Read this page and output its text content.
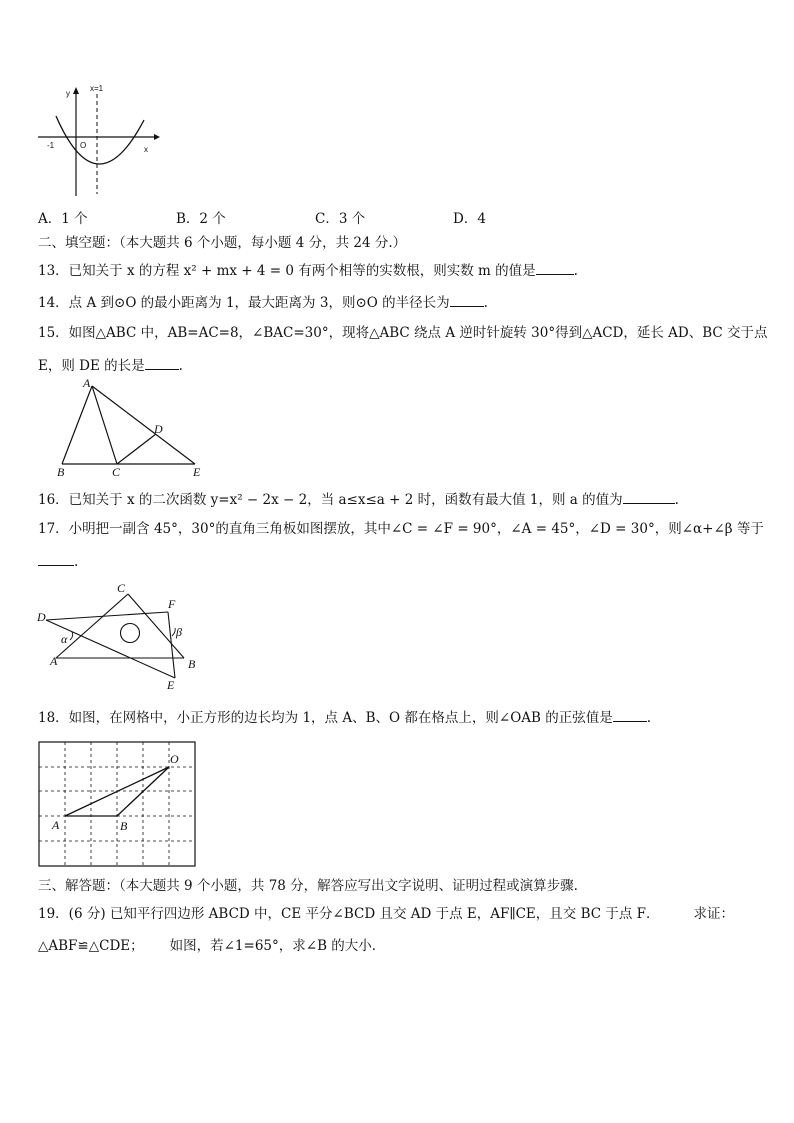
y
x
x=1
-1	O
A．1 个	B．2 个	C．3 个	D．4
二、填空题：（本大题共 6 个小题，每小题 4 分，共 24 分.）
13．已知关于 x 的方程 x² + mx + 4 = 0 有两个相等的实数根，则实数 m 的值是	.
14．点 A 到⊙O 的最小距离为 1，最大距离为 3，则⊙O 的半径长为	.
15．如图△ABC 中，AB=AC=8，∠BAC=30°，现将△ABC 绕点 A 逆时针旋转 30°得到△ACD，延长 AD、BC 交于点
E，则 DE 的长是	.
A
B	C
D
E
16．已知关于 x 的二次函数 y=x² − 2x − 2，当 a≤x≤a + 2 时，函数有最大值 1，则 a 的值为	.
17．小明把一副含 45°，30°的直角三角板如图摆放，其中∠C = ∠F = 90°，∠A = 45°，∠D = 30°，则∠α+∠β 等于
.
C
D
F
α	β
A	B
E
18．如图，在网格中，小正方形的边长均为 1，点 A、B、O 都在格点上，则∠OAB 的正弦值是	.
O
A	B
三、解答题：（本大题共 9 个小题，共 78 分，解答应写出文字说明、证明过程或演算步骤.
19．(6 分) 已知平行四边形 ABCD 中，CE 平分∠BCD 且交 AD 于点 E，AF∥CE，且交 BC 于点 F．	求证：
△ABF≌△CDE； 如图，若∠1=65°，求∠B 的大小．
